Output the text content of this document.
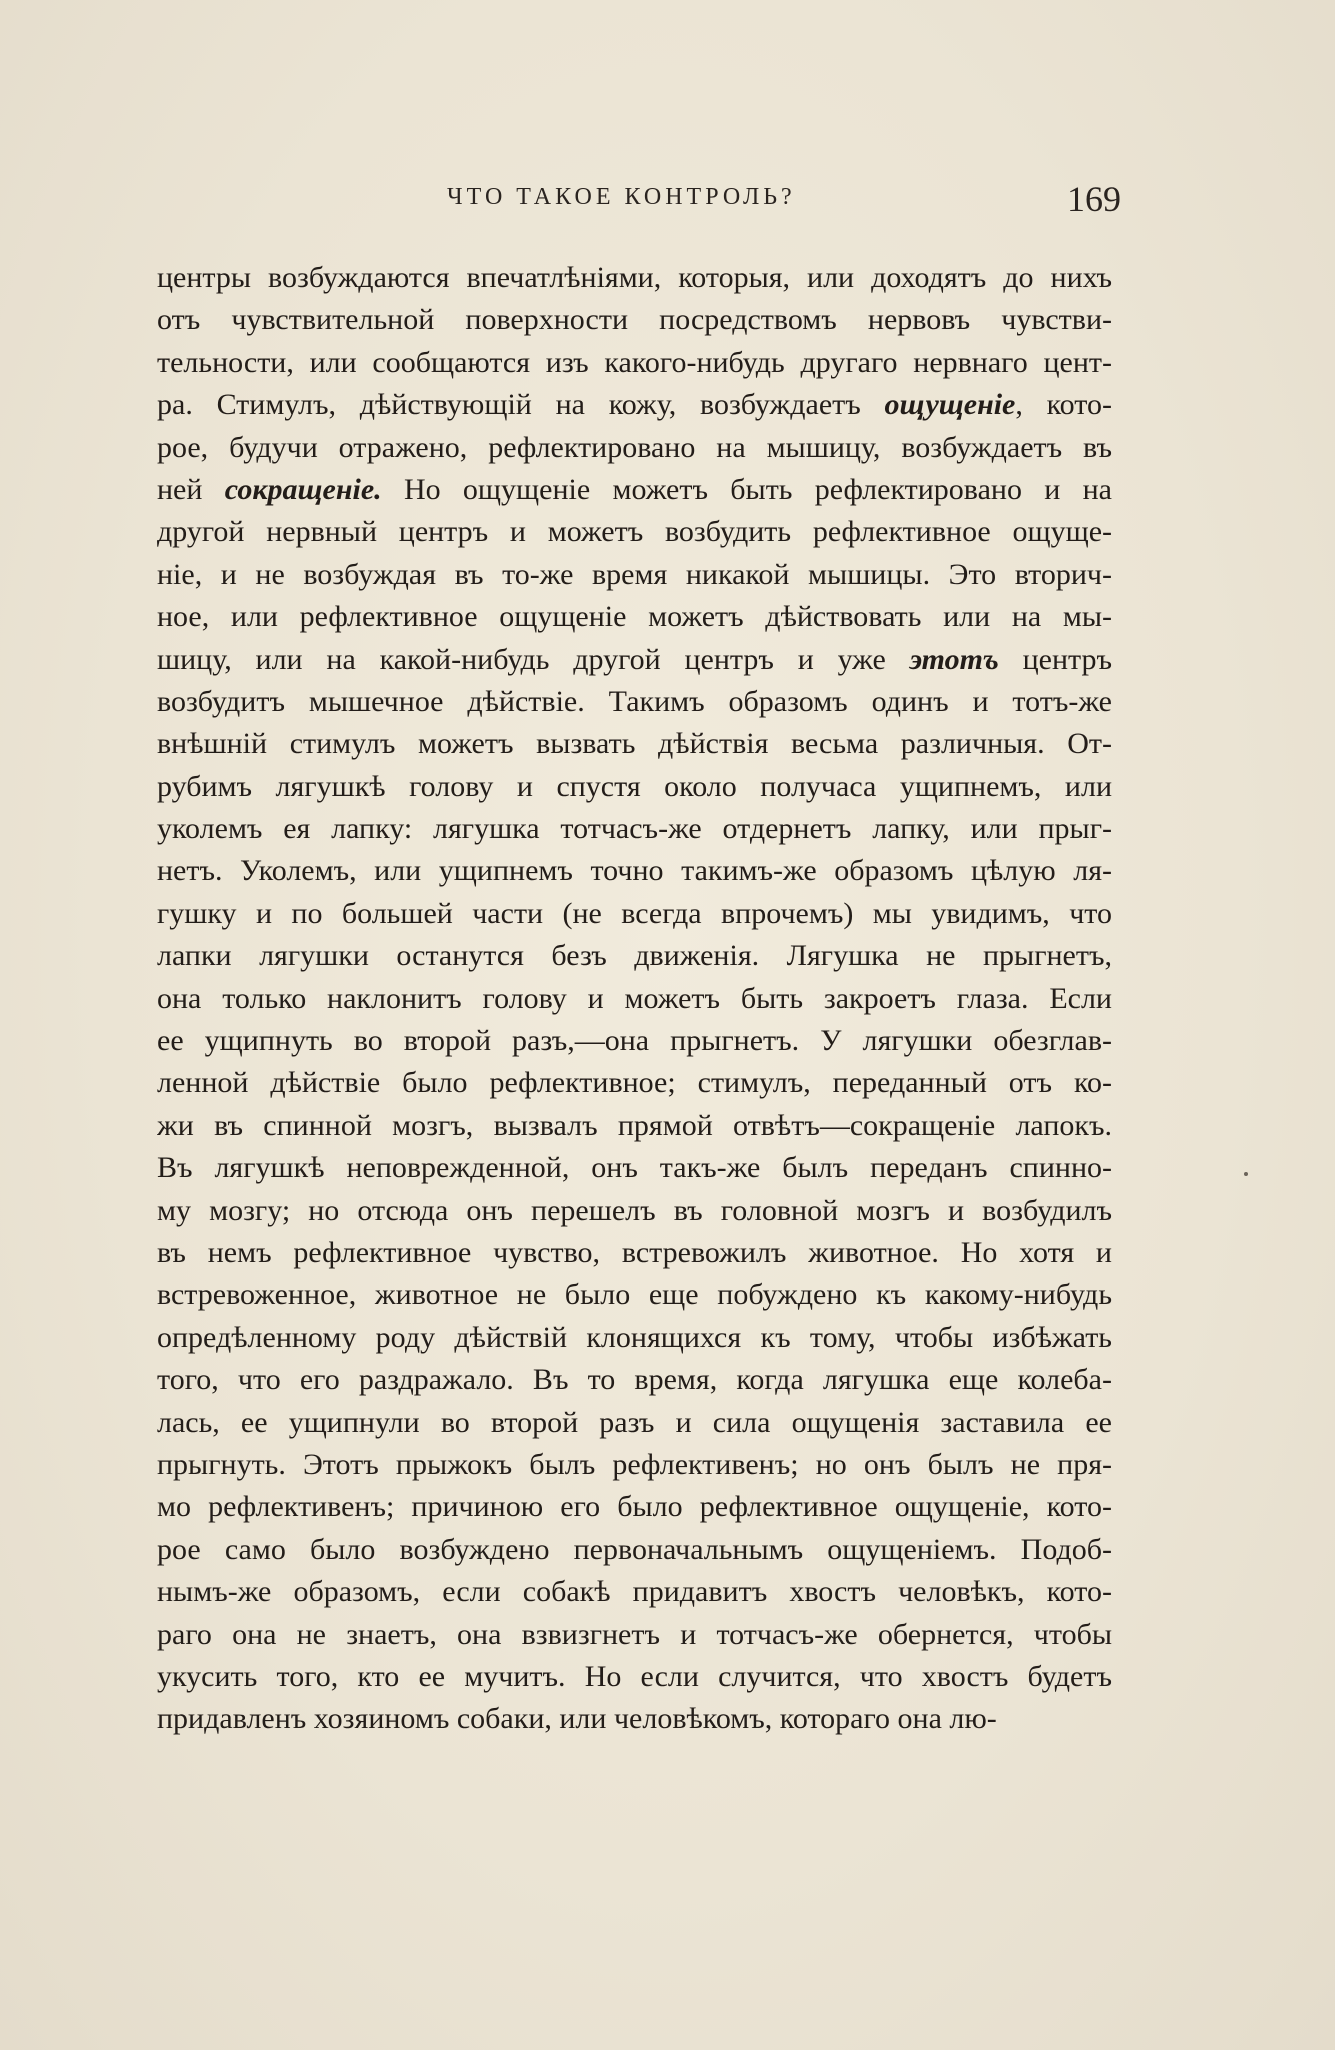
ЧТО ТАКОЕ КОНТРОЛЬ?	169
центры возбуждаются впечатлѣніями, которыя, или доходятъ до нихъ
отъ чувствительной поверхности посредствомъ нервовъ чувстви-
тельности, или сообщаются изъ какого-нибудь другаго нервнаго цент-
ра. Стимулъ, дѣйствующій на кожу, возбуждаетъ ощущеніе, кото-
рое, будучи отражено, рефлектировано на мышицу, возбуждаетъ въ
ней сокращеніе. Но ощущеніе можетъ быть рефлектировано и на
другой нервный центръ и можетъ возбудить рефлективное ощуще-
ніе, и не возбуждая въ то-же время никакой мышицы. Это вторич-
ное, или рефлективное ощущеніе можетъ дѣйствовать или на мы-
шицу, или на какой-нибудь другой центръ и уже этотъ центръ
возбудитъ мышечное дѣйствіе. Такимъ образомъ одинъ и тотъ-же
внѣшній стимулъ можетъ вызвать дѣйствія весьма различныя. От-
рубимъ лягушкѣ голову и спустя около получаса ущипнемъ, или
уколемъ ея лапку: лягушка тотчасъ-же отдернетъ лапку, или прыг-
нетъ. Уколемъ, или ущипнемъ точно такимъ-же образомъ цѣлую ля-
гушку и по большей части (не всегда впрочемъ) мы увидимъ, что
лапки лягушки останутся безъ движенія. Лягушка не прыгнетъ,
она только наклонитъ голову и можетъ быть закроетъ глаза. Если
ее ущипнуть во второй разъ,—она прыгнетъ. У лягушки обезглав-
ленной дѣйствіе было рефлективное; стимулъ, переданный отъ ко-
жи въ спинной мозгъ, вызвалъ прямой отвѣтъ—сокращеніе лапокъ.
Въ лягушкѣ неповрежденной, онъ такъ-же былъ переданъ спинно-
му мозгу; но отсюда онъ перешелъ въ головной мозгъ и возбудилъ
въ немъ рефлективное чувство, встревожилъ животное. Но хотя и
встревоженное, животное не было еще побуждено къ какому-нибудь
опредѣленному роду дѣйствій клонящихся къ тому, чтобы избѣжать
того, что его раздражало. Въ то время, когда лягушка еще колеба-
лась, ее ущипнули во второй разъ и сила ощущенія заставила ее
прыгнуть. Этотъ прыжокъ былъ рефлективенъ; но онъ былъ не пря-
мо рефлективенъ; причиною его было рефлективное ощущеніе, кото-
рое само было возбуждено первоначальнымъ ощущеніемъ. Подоб-
нымъ-же образомъ, если собакѣ придавитъ хвостъ человѣкъ, кото-
раго она не знаетъ, она взвизгнетъ и тотчасъ-же обернется, чтобы
укусить того, кто ее мучитъ. Но если случится, что хвостъ будетъ
придавленъ хозяиномъ собаки, или человѣкомъ, котораго она лю-
